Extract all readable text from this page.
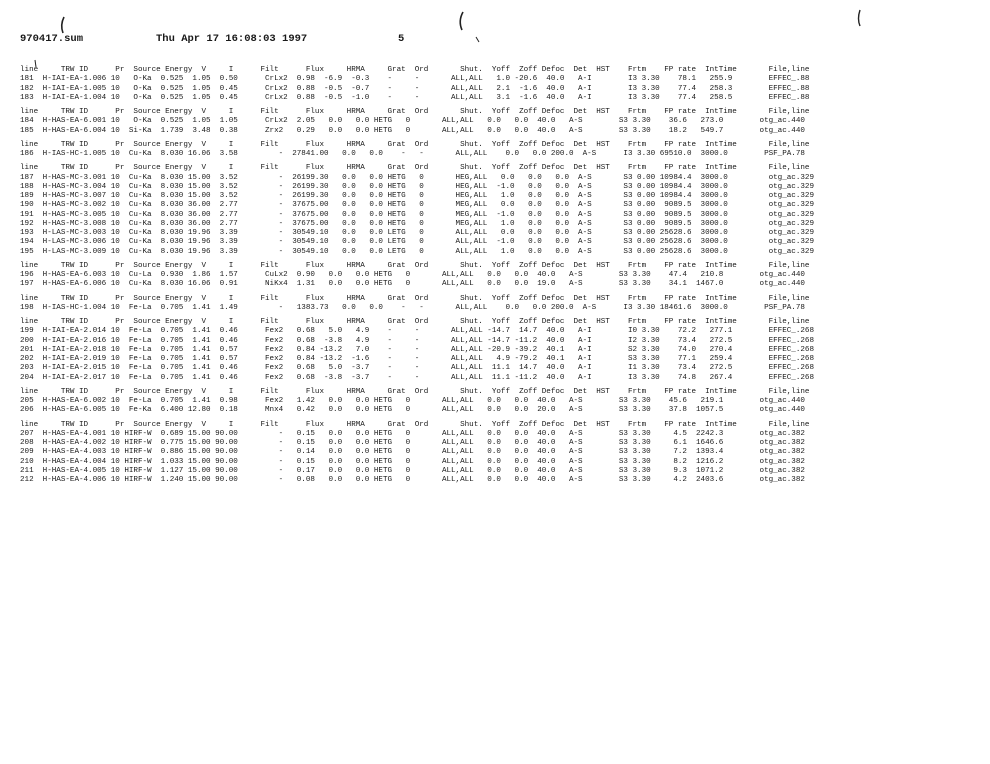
970417.sum

	Thu Apr 17 16:08:03 1997

	5

line     TRW ID      Pr  Source Energy  V     I      Filt      Flux     HRMA     Grat  Ord       Shut.  Yoff  Zoff Defoc  Det  HST    Frtm    FP rate  IntTime       File,line
181  H-IAI-EA-1.006 10   O-Ka  0.525  1.05  0.50      CrLx2  0.98  -6.9  -0.3    -     -       ALL,ALL   1.0 -20.6  40.0   A-I        I3 3.30    78.1   255.9        EFFEC_.88
182  H-IAI-EA-1.005 10   O-Ka  0.525  1.05  0.45      CrLx2  0.88  -0.5  -0.7    -     -       ALL,ALL   2.1  -1.6  40.0   A-I        I3 3.30    77.4   258.3        EFFEC_.88
183  H-IAI-EA-1.004 10   O-Ka  0.525  1.05  0.45      CrLx2  0.88  -0.5  -1.0    -     -       ALL,ALL   3.1  -1.6  40.0   A-I        I3 3.30    77.4   258.5        EFFEC_.88
line     TRW ID      Pr  Source Energy  V     I      Filt      Flux     HRMA     Grat  Ord       Shut.  Yoff  Zoff Defoc  Det  HST    Frtm    FP rate  IntTime       File,line
184  H-HAS-EA-6.001 10   O-Ka  0.525  1.05  1.05      CrLx2  2.05   0.0   0.0 HETG   0       ALL,ALL   0.0   0.0  40.0   A-S        S3 3.30    36.6   273.0        otg_ac.440
185  H-HAS-EA-6.004 10  Si-Ka  1.739  3.48  0.38      Zrx2   0.29   0.0   0.0 HETG   0       ALL,ALL   0.0   0.0  40.0   A-S        S3 3.30    18.2   549.7        otg_ac.440
line     TRW ID      Pr  Source Energy  V     I      Filt      Flux     HRMA     Grat  Ord       Shut.  Yoff  Zoff Defoc  Det  HST    Frtm    FP rate  IntTime       File,line
186  H-IAS-HC-1.005 10  Cu-Ka  8.030 16.06  3.58         -  27841.00   0.0   0.0    -   -       ALL,ALL    0.0   0.0 200.0  A-S      I3 3.30 69510.0  3000.0        PSF_PA.78
line     TRW ID      Pr  Source Energy  V     I      Filt      Flux     HRMA     Grat  Ord       Shut.  Yoff  Zoff Defoc  Det  HST    Frtm    FP rate  IntTime       File,line
187  H-HAS-MC-3.001 10  Cu-Ka  8.030 15.00  3.52         -  26199.30   0.0   0.0 HETG   0       HEG,ALL   0.0   0.0   0.0  A-S       S3 0.00 10984.4  3000.0         otg_ac.329
188  H-HAS-MC-3.004 10  Cu-Ka  8.030 15.00  3.52         -  26199.30   0.0   0.0 HETG   0       HEG,ALL  -1.0   0.0   0.0  A-S       S3 0.00 10984.4  3000.0         otg_ac.329
189  H-HAS-MC-3.007 10  Cu-Ka  8.030 15.00  3.52         -  26199.30   0.0   0.0 HETG   0       HEG,ALL   1.0   0.0   0.0  A-S       S3 0.00 10984.4  3000.0         otg_ac.329
190  H-HAS-MC-3.002 10  Cu-Ka  8.030 36.00  2.77         -  37675.00   0.0   0.0 HETG   0       MEG,ALL   0.0   0.0   0.0  A-S       S3 0.00  9089.5  3000.0         otg_ac.329
191  H-HAS-MC-3.005 10  Cu-Ka  8.030 36.00  2.77         -  37675.00   0.0   0.0 HETG   0       MEG,ALL  -1.0   0.0   0.0  A-S       S3 0.00  9089.5  3000.0         otg_ac.329
192  H-HAS-MC-3.008 10  Cu-Ka  8.030 36.00  2.77         -  37675.00   0.0   0.0 HETG   0       MEG,ALL   1.0   0.0   0.0  A-S       S3 0.00  9089.5  3000.0         otg_ac.329
193  H-LAS-MC-3.003 10  Cu-Ka  8.030 19.96  3.39         -  30549.10   0.0   0.0 LETG   0       ALL,ALL   0.0   0.0   0.0  A-S       S3 0.00 25628.6  3000.0         otg_ac.329
194  H-LAS-MC-3.006 10  Cu-Ka  8.030 19.96  3.39         -  30549.10   0.0   0.0 LETG   0       ALL,ALL  -1.0   0.0   0.0  A-S       S3 0.00 25628.6  3000.0         otg_ac.329
195  H-LAS-MC-3.009 10  Cu-Ka  8.030 19.96  3.39         -  30549.10   0.0   0.0 LETG   0       ALL,ALL   1.0   0.0   0.0  A-S       S3 0.00 25628.6  3000.0         otg_ac.329
line     TRW ID      Pr  Source Energy  V     I      Filt      Flux     HRMA     Grat  Ord       Shut.  Yoff  Zoff Defoc  Det  HST    Frtm    FP rate  IntTime       File,line
196  H-HAS-EA-6.003 10  Cu-La  0.930  1.86  1.57      CuLx2  0.90   0.0   0.0 HETG   0       ALL,ALL   0.0   0.0  40.0   A-S        S3 3.30    47.4   210.8        otg_ac.440
197  H-HAS-EA-6.006 10  Cu-Ka  8.030 16.06  0.91      NiKx4  1.31   0.0   0.0 HETG   0       ALL,ALL   0.0   0.0  19.0   A-S        S3 3.30    34.1  1467.0        otg_ac.440
line     TRW ID      Pr  Source Energy  V     I      Filt      Flux     HRMA     Grat  Ord       Shut.  Yoff  Zoff Defoc  Det  HST    Frtm    FP rate  IntTime       File,line
198  H-IAS-HC-1.004 10  Fe-La  0.705  1.41  1.49         -   1383.73   0.0   0.0    -   -       ALL,ALL    0.0   0.0 200.0  A-S      I3 3.30 18461.6  3000.0        PSF_PA.78
line     TRW ID      Pr  Source Energy  V     I      Filt      Flux     HRMA     Grat  Ord       Shut.  Yoff  Zoff Defoc  Det  HST    Frtm    FP rate  IntTime       File,line
199  H-IAI-EA-2.014 10  Fe-La  0.705  1.41  0.46      Fex2   0.68   5.0   4.9    -     -       ALL,ALL -14.7  14.7  40.0   A-I        I0 3.30    72.2   277.1        EFFEC_.268
200  H-IAI-EA-2.016 10  Fe-La  0.705  1.41  0.46      Fex2   0.68  -3.8   4.9    -     -       ALL,ALL -14.7 -11.2  40.0   A-I        I2 3.30    73.4   272.5        EFFEC_.268
201  H-IAI-EA-2.018 10  Fe-La  0.705  1.41  0.57      Fex2   0.84 -13.2   7.0    -     -       ALL,ALL -20.9 -39.2  40.1   A-I        S2 3.30    74.0   270.4        EFFEC_.268
202  H-IAI-EA-2.019 10  Fe-La  0.705  1.41  0.57      Fex2   0.84 -13.2  -1.6    -     -       ALL,ALL   4.9 -79.2  40.1   A-I        S3 3.30    77.1   259.4        EFFEC_.268
203  H-IAI-EA-2.015 10  Fe-La  0.705  1.41  0.46      Fex2   0.68   5.0  -3.7    -     -       ALL,ALL  11.1  14.7  40.0   A-I        I1 3.30    73.4   272.5        EFFEC_.268
204  H-IAI-EA-2.017 10  Fe-La  0.705  1.41  0.46      Fex2   0.68  -3.8  -3.7    -     -       ALL,ALL  11.1 -11.2  40.0   A-I        I3 3.30    74.8   267.4        EFFEC_.268
line     TRW ID      Pr  Source Energy  V     I      Filt      Flux     HRMA     Grat  Ord       Shut.  Yoff  Zoff Defoc  Det  HST    Frtm    FP rate  IntTime       File,line
205  H-HAS-EA-6.002 10  Fe-La  0.705  1.41  0.98      Fex2   1.42   0.0   0.0 HETG   0       ALL,ALL   0.0   0.0  40.0   A-S        S3 3.30    45.6   219.1        otg_ac.440
206  H-HAS-EA-6.005 10  Fe-Ka  6.400 12.80  0.18      Mnx4   0.42   0.0   0.0 HETG   0       ALL,ALL   0.0   0.0  20.0   A-S        S3 3.30    37.8  1057.5        otg_ac.440
line     TRW ID      Pr  Source Energy  V     I      Filt      Flux     HRMA     Grat  Ord       Shut.  Yoff  Zoff Defoc  Det  HST    Frtm    FP rate  IntTime       File,line
207  H-HAS-EA-4.001 10 HIRF-W  0.689 15.00 90.00         -   0.15   0.0   0.0 HETG   0       ALL,ALL   0.0   0.0  40.0   A-S        S3 3.30     4.5  2242.3        otg_ac.382
208  H-HAS-EA-4.002 10 HIRF-W  0.775 15.00 90.00         -   0.15   0.0   0.0 HETG   0       ALL,ALL   0.0   0.0  40.0   A-S        S3 3.30     6.1  1646.6        otg_ac.382
209  H-HAS-EA-4.003 10 HIRF-W  0.886 15.00 90.00         -   0.14   0.0   0.0 HETG   0       ALL,ALL   0.0   0.0  40.0   A-S        S3 3.30     7.2  1393.4        otg_ac.382
210  H-HAS-EA-4.004 10 HIRF-W  1.033 15.00 90.00         -   0.15   0.0   0.0 HETG   0       ALL,ALL   0.0   0.0  40.0   A-S        S3 3.30     8.2  1216.2        otg_ac.382
211  H-HAS-EA-4.005 10 HIRF-W  1.127 15.00 90.00         -   0.17   0.0   0.0 HETG   0       ALL,ALL   0.0   0.0  40.0   A-S        S3 3.30     9.3  1071.2        otg_ac.382
212  H-HAS-EA-4.006 10 HIRF-W  1.240 15.00 90.00         -   0.08   0.0   0.0 HETG   0       ALL,ALL   0.0   0.0  40.0   A-S        S3 3.30     4.2  2403.6        otg_ac.382
